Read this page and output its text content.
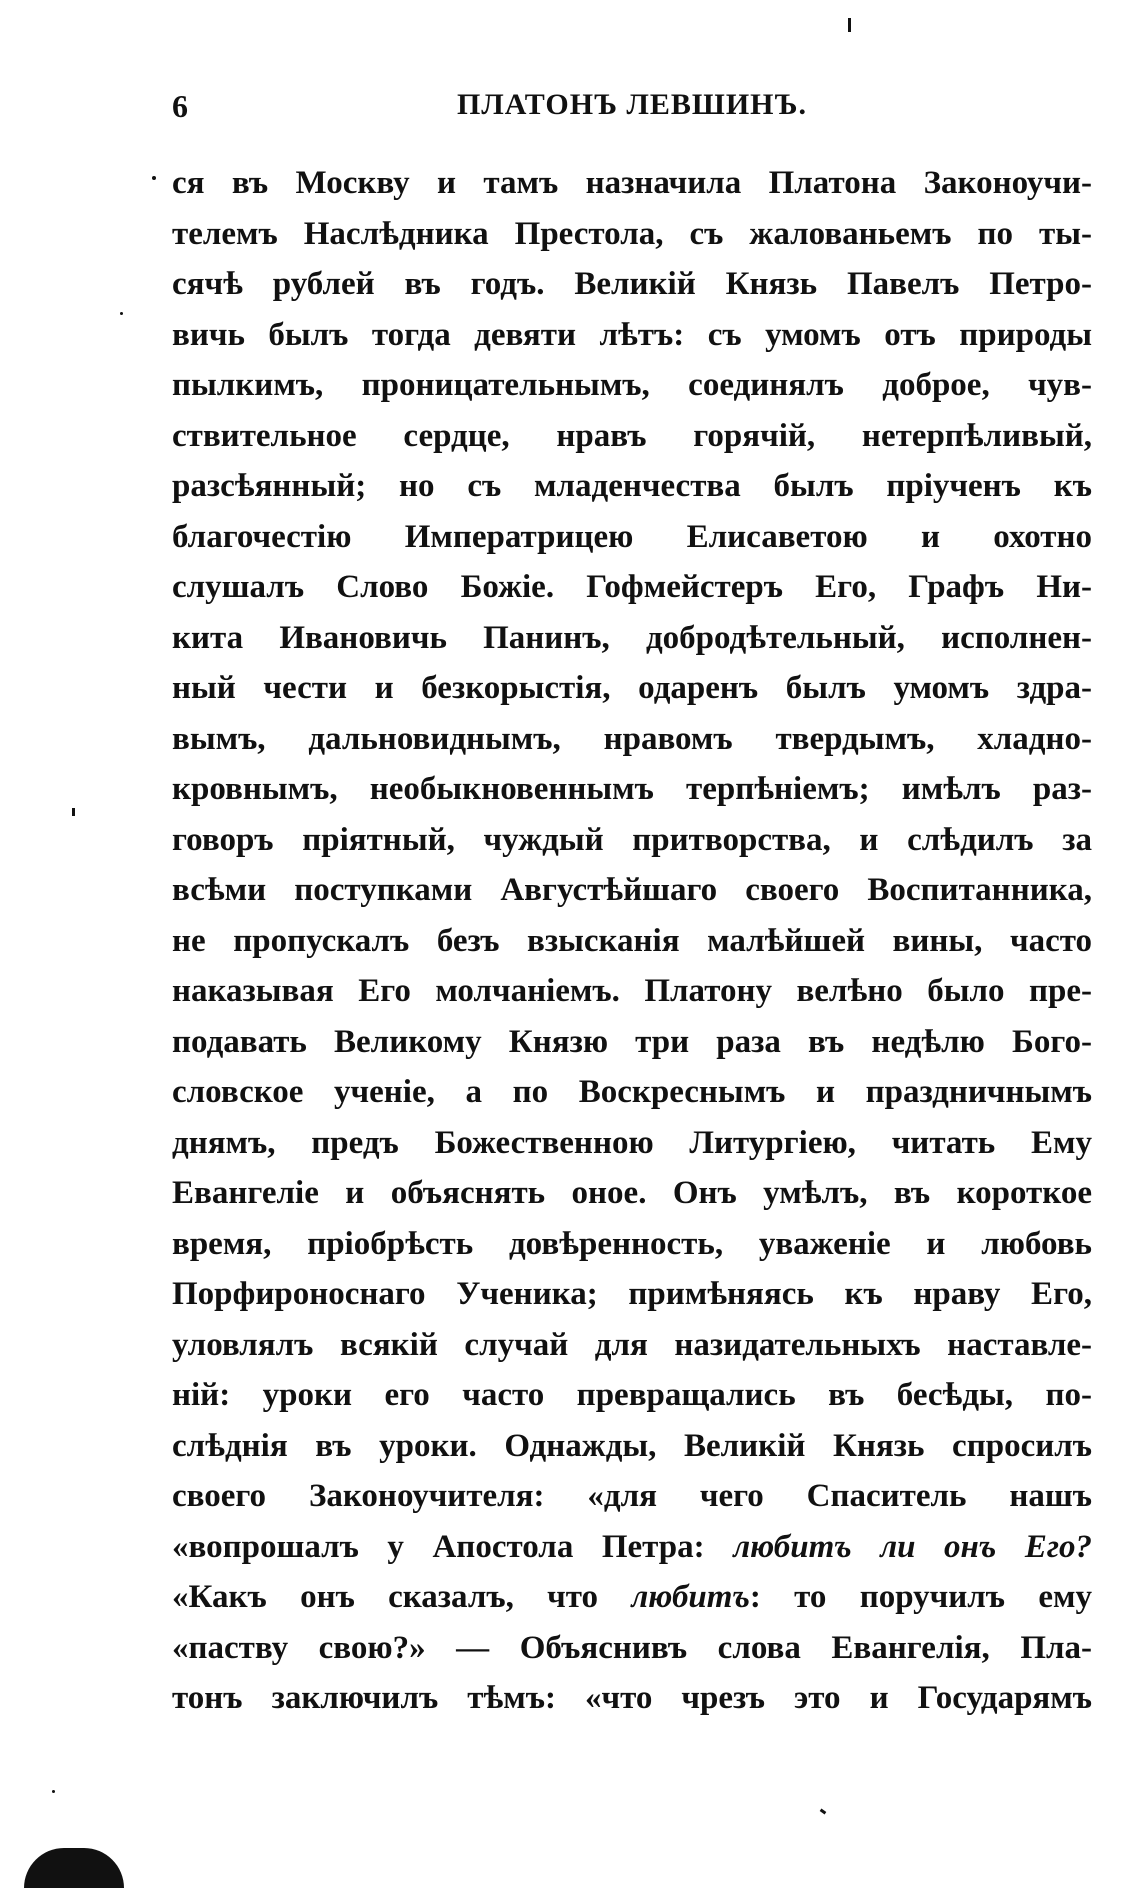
6	ПЛАТОНЪ ЛЕВШИНЪ.
ся въ Москву и тамъ назначила Платона Законоучи-
телемъ Наслѣдника Престола, съ жалованьемъ по ты-
сячѣ рублей въ годъ. Великій Князь Павелъ Петро-
вичь былъ тогда девяти лѣтъ: съ умомъ отъ природы
пылкимъ, проницательнымъ, соединялъ доброе, чув-
ствительное сердце, нравъ горячій, нетерпѣливый,
разсѣянный; но съ младенчества былъ пріученъ къ
благочестію Императрицею Елисаветою и охотно
слушалъ Слово Божіе. Гофмейстеръ Его, Графъ Ни-
кита Ивановичь Панинъ, добродѣтельный, исполнен-
ный чести и безкорыстія, одаренъ былъ умомъ здра-
вымъ, дальновиднымъ, нравомъ твердымъ, хладно-
кровнымъ, необыкновеннымъ терпѣніемъ; имѣлъ раз-
говоръ пріятный, чуждый притворства, и слѣдилъ за
всѣми поступками Августѣйшаго своего Воспитанника,
не пропускалъ безъ взысканія малѣйшей вины, часто
наказывая Его молчаніемъ. Платону велѣно было пре-
подавать Великому Князю три раза въ недѣлю Бого-
словское ученіе, а по Воскреснымъ и праздничнымъ
днямъ, предъ Божественною Литургіею, читать Ему
Евангеліе и объяснять оное. Онъ умѣлъ, въ короткое
время, пріобрѣсть довѣренность, уваженіе и любовь
Порфироноснаго Ученика; примѣняясь къ нраву Его,
уловлялъ всякій случай для назидательныхъ наставле-
ній: уроки его часто превращались въ бесѣды, по-
слѣднія въ уроки. Однажды, Великій Князь спросилъ
своего Законоучителя: «для чего Спаситель нашъ
«вопрошалъ у Апостола Петра: любитъ ли онъ Его?
«Какъ онъ сказалъ, что любитъ: то поручилъ ему
«паству свою?» — Объяснивъ слова Евангелія, Пла-
тонъ заключилъ тѣмъ: «что чрезъ это и Государямъ
